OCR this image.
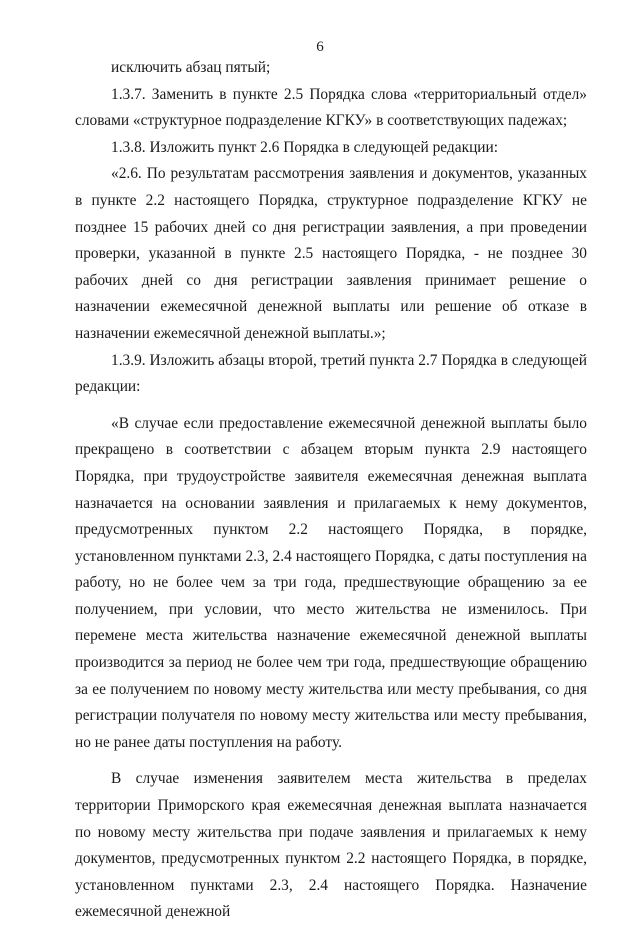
6

исключить абзац пятый;

1.3.7. Заменить в пункте 2.5 Порядка слова «территориальный отдел» словами «структурное подразделение КГКУ» в соответствующих падежах;

1.3.8. Изложить пункт 2.6 Порядка в следующей редакции:

«2.6. По результатам рассмотрения заявления и документов, указанных в пункте 2.2 настоящего Порядка, структурное подразделение КГКУ не позднее 15 рабочих дней со дня регистрации заявления, а при проведении проверки, указанной в пункте 2.5 настоящего Порядка, - не позднее 30 рабочих дней со дня регистрации заявления принимает решение о назначении ежемесячной денежной выплаты или решение об отказе в назначении ежемесячной денежной выплаты.»;

1.3.9. Изложить абзацы второй, третий пункта 2.7 Порядка в следующей редакции:

«В случае если предоставление ежемесячной денежной выплаты было прекращено в соответствии с абзацем вторым пункта 2.9 настоящего Порядка, при трудоустройстве заявителя ежемесячная денежная выплата назначается на основании заявления и прилагаемых к нему документов, предусмотренных пунктом 2.2 настоящего Порядка, в порядке, установленном пунктами 2.3, 2.4 настоящего Порядка, с даты поступления на работу, но не более чем за три года, предшествующие обращению за ее получением, при условии, что место жительства не изменилось. При перемене места жительства назначение ежемесячной денежной выплаты производится за период не более чем три года, предшествующие обращению за ее получением по новому месту жительства или месту пребывания, со дня регистрации получателя по новому месту жительства или месту пребывания, но не ранее даты поступления на работу.

В случае изменения заявителем места жительства в пределах территории Приморского края ежемесячная денежная выплата назначается по новому месту жительства при подаче заявления и прилагаемых к нему документов, предусмотренных пунктом 2.2 настоящего Порядка, в порядке, установленном пунктами 2.3, 2.4 настоящего Порядка. Назначение ежемесячной денежной
